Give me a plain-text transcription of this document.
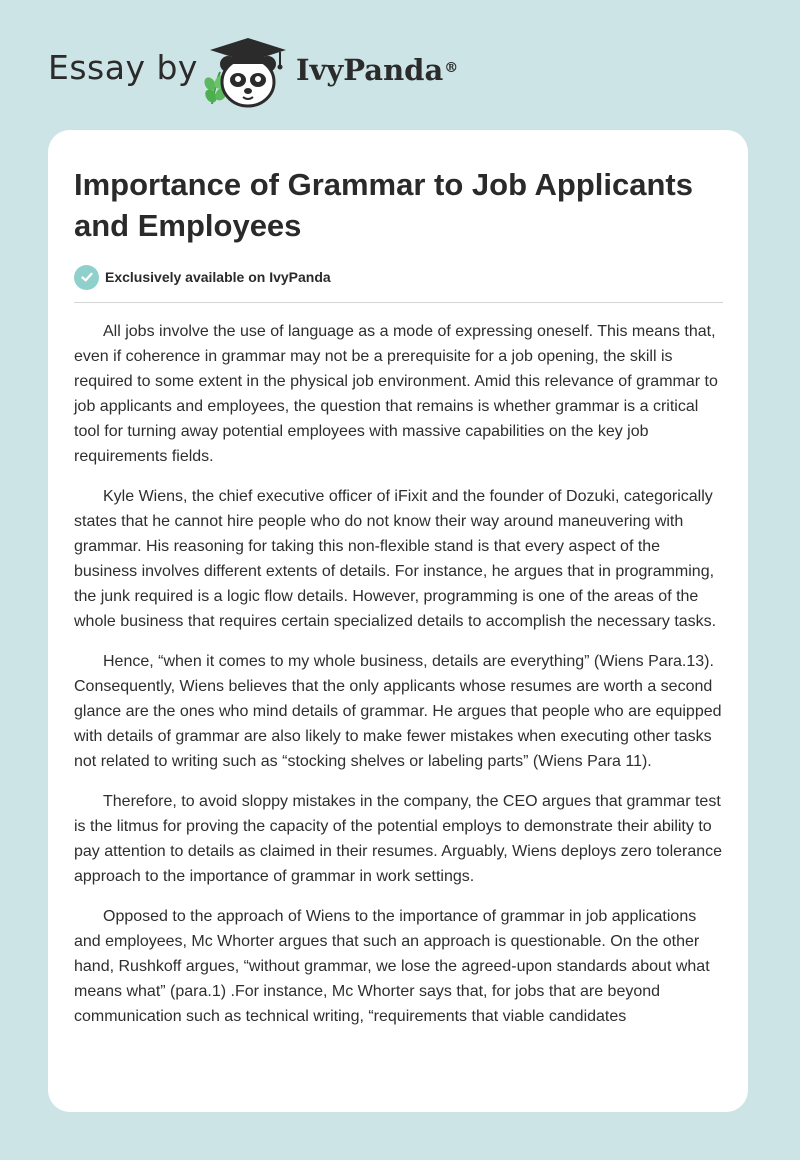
Essay by	IvyPanda®
Importance of Grammar to Job Applicants and Employees
Exclusively available on IvyPanda

All jobs involve the use of language as a mode of expressing oneself. This means that, even if coherence in grammar may not be a prerequisite for a job opening, the skill is required to some extent in the physical job environment. Amid this relevance of grammar to job applicants and employees, the question that remains is whether grammar is a critical tool for turning away potential employees with massive capabilities on the key job requirements fields.

Kyle Wiens, the chief executive officer of iFixit and the founder of Dozuki, categorically states that he cannot hire people who do not know their way around maneuvering with grammar. His reasoning for taking this non-flexible stand is that every aspect of the business involves different extents of details. For instance, he argues that in programming, the junk required is a logic flow details. However, programming is one of the areas of the whole business that requires certain specialized details to accomplish the necessary tasks.

Hence, “when it comes to my whole business, details are everything” (Wiens Para.13). Consequently, Wiens believes that the only applicants whose resumes are worth a second glance are the ones who mind details of grammar. He argues that people who are equipped with details of grammar are also likely to make fewer mistakes when executing other tasks not related to writing such as “stocking shelves or labeling parts” (Wiens Para 11).

Therefore, to avoid sloppy mistakes in the company, the CEO argues that grammar test is the litmus for proving the capacity of the potential employs to demonstrate their ability to pay attention to details as claimed in their resumes. Arguably, Wiens deploys zero tolerance approach to the importance of grammar in work settings.

Opposed to the approach of Wiens to the importance of grammar in job applications and employees, Mc Whorter argues that such an approach is questionable. On the other hand, Rushkoff argues, “without grammar, we lose the agreed-upon standards about what means what” (para.1) .For instance, Mc Whorter says that, for jobs that are beyond communication such as technical writing, “requirements that viable candidates
